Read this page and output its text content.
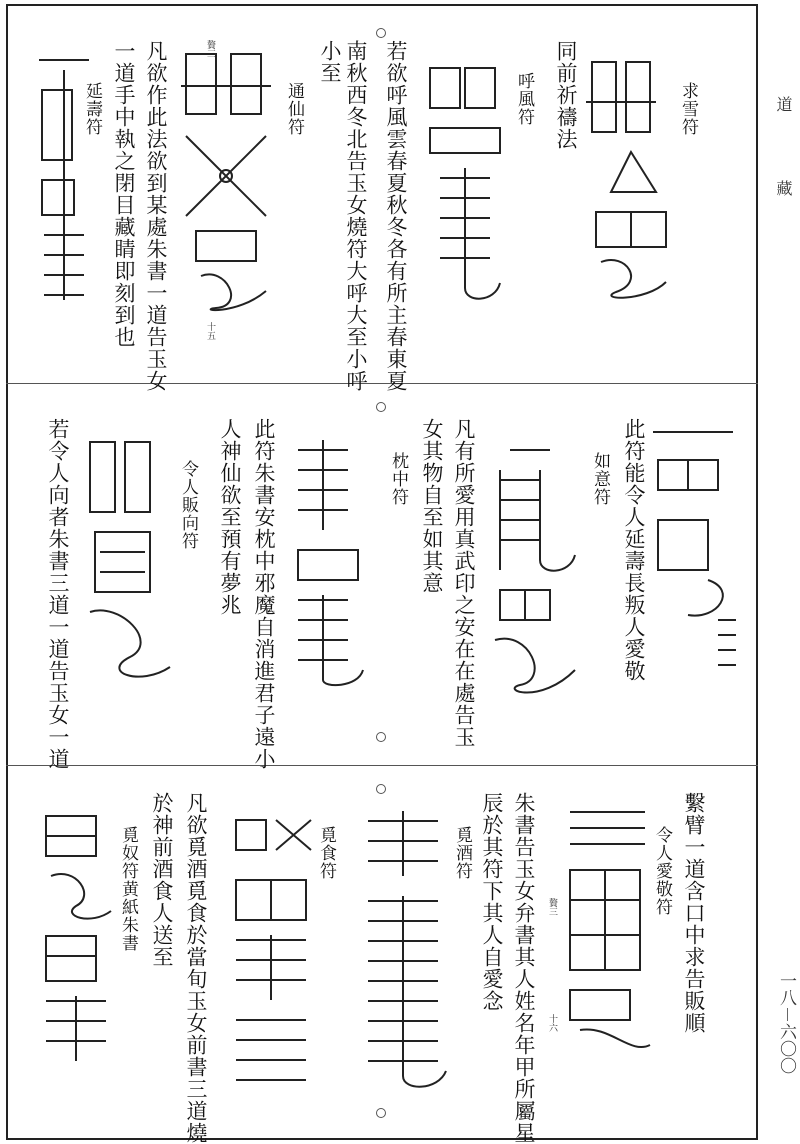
道
藏
一八－六〇〇
求雪符
同前祈禱法
呼風符
若欲呼風雲春夏秋冬各有所主春東夏
南秋西冬北告玉女燒符大呼大至小呼
小至
通仙符
凡欲作此法欲到某處朱書一道告玉女
一道手中執之閉目藏睛即刻到也
延壽符
贅三
十五
此符能令人延壽長叛人愛敬
如意符
凡有所愛用真武印之安在在處告玉
女其物自至如其意
枕中符
此符朱書安枕中邪魔自消進君子遠小
人神仙欲至預有夢兆
令人販向符
若令人向者朱書三道一道告玉女一道
繫臂一道含口中求告販順
令人愛敬符
朱書告玉女弁書其人姓名年甲所屬星
辰於其符下其人自愛念
覓酒符
覓食符
凡欲覓酒覓食於當旬玉女前書三道燒
於神前酒食人送至
覓奴符黄紙朱書	贅三
十六
